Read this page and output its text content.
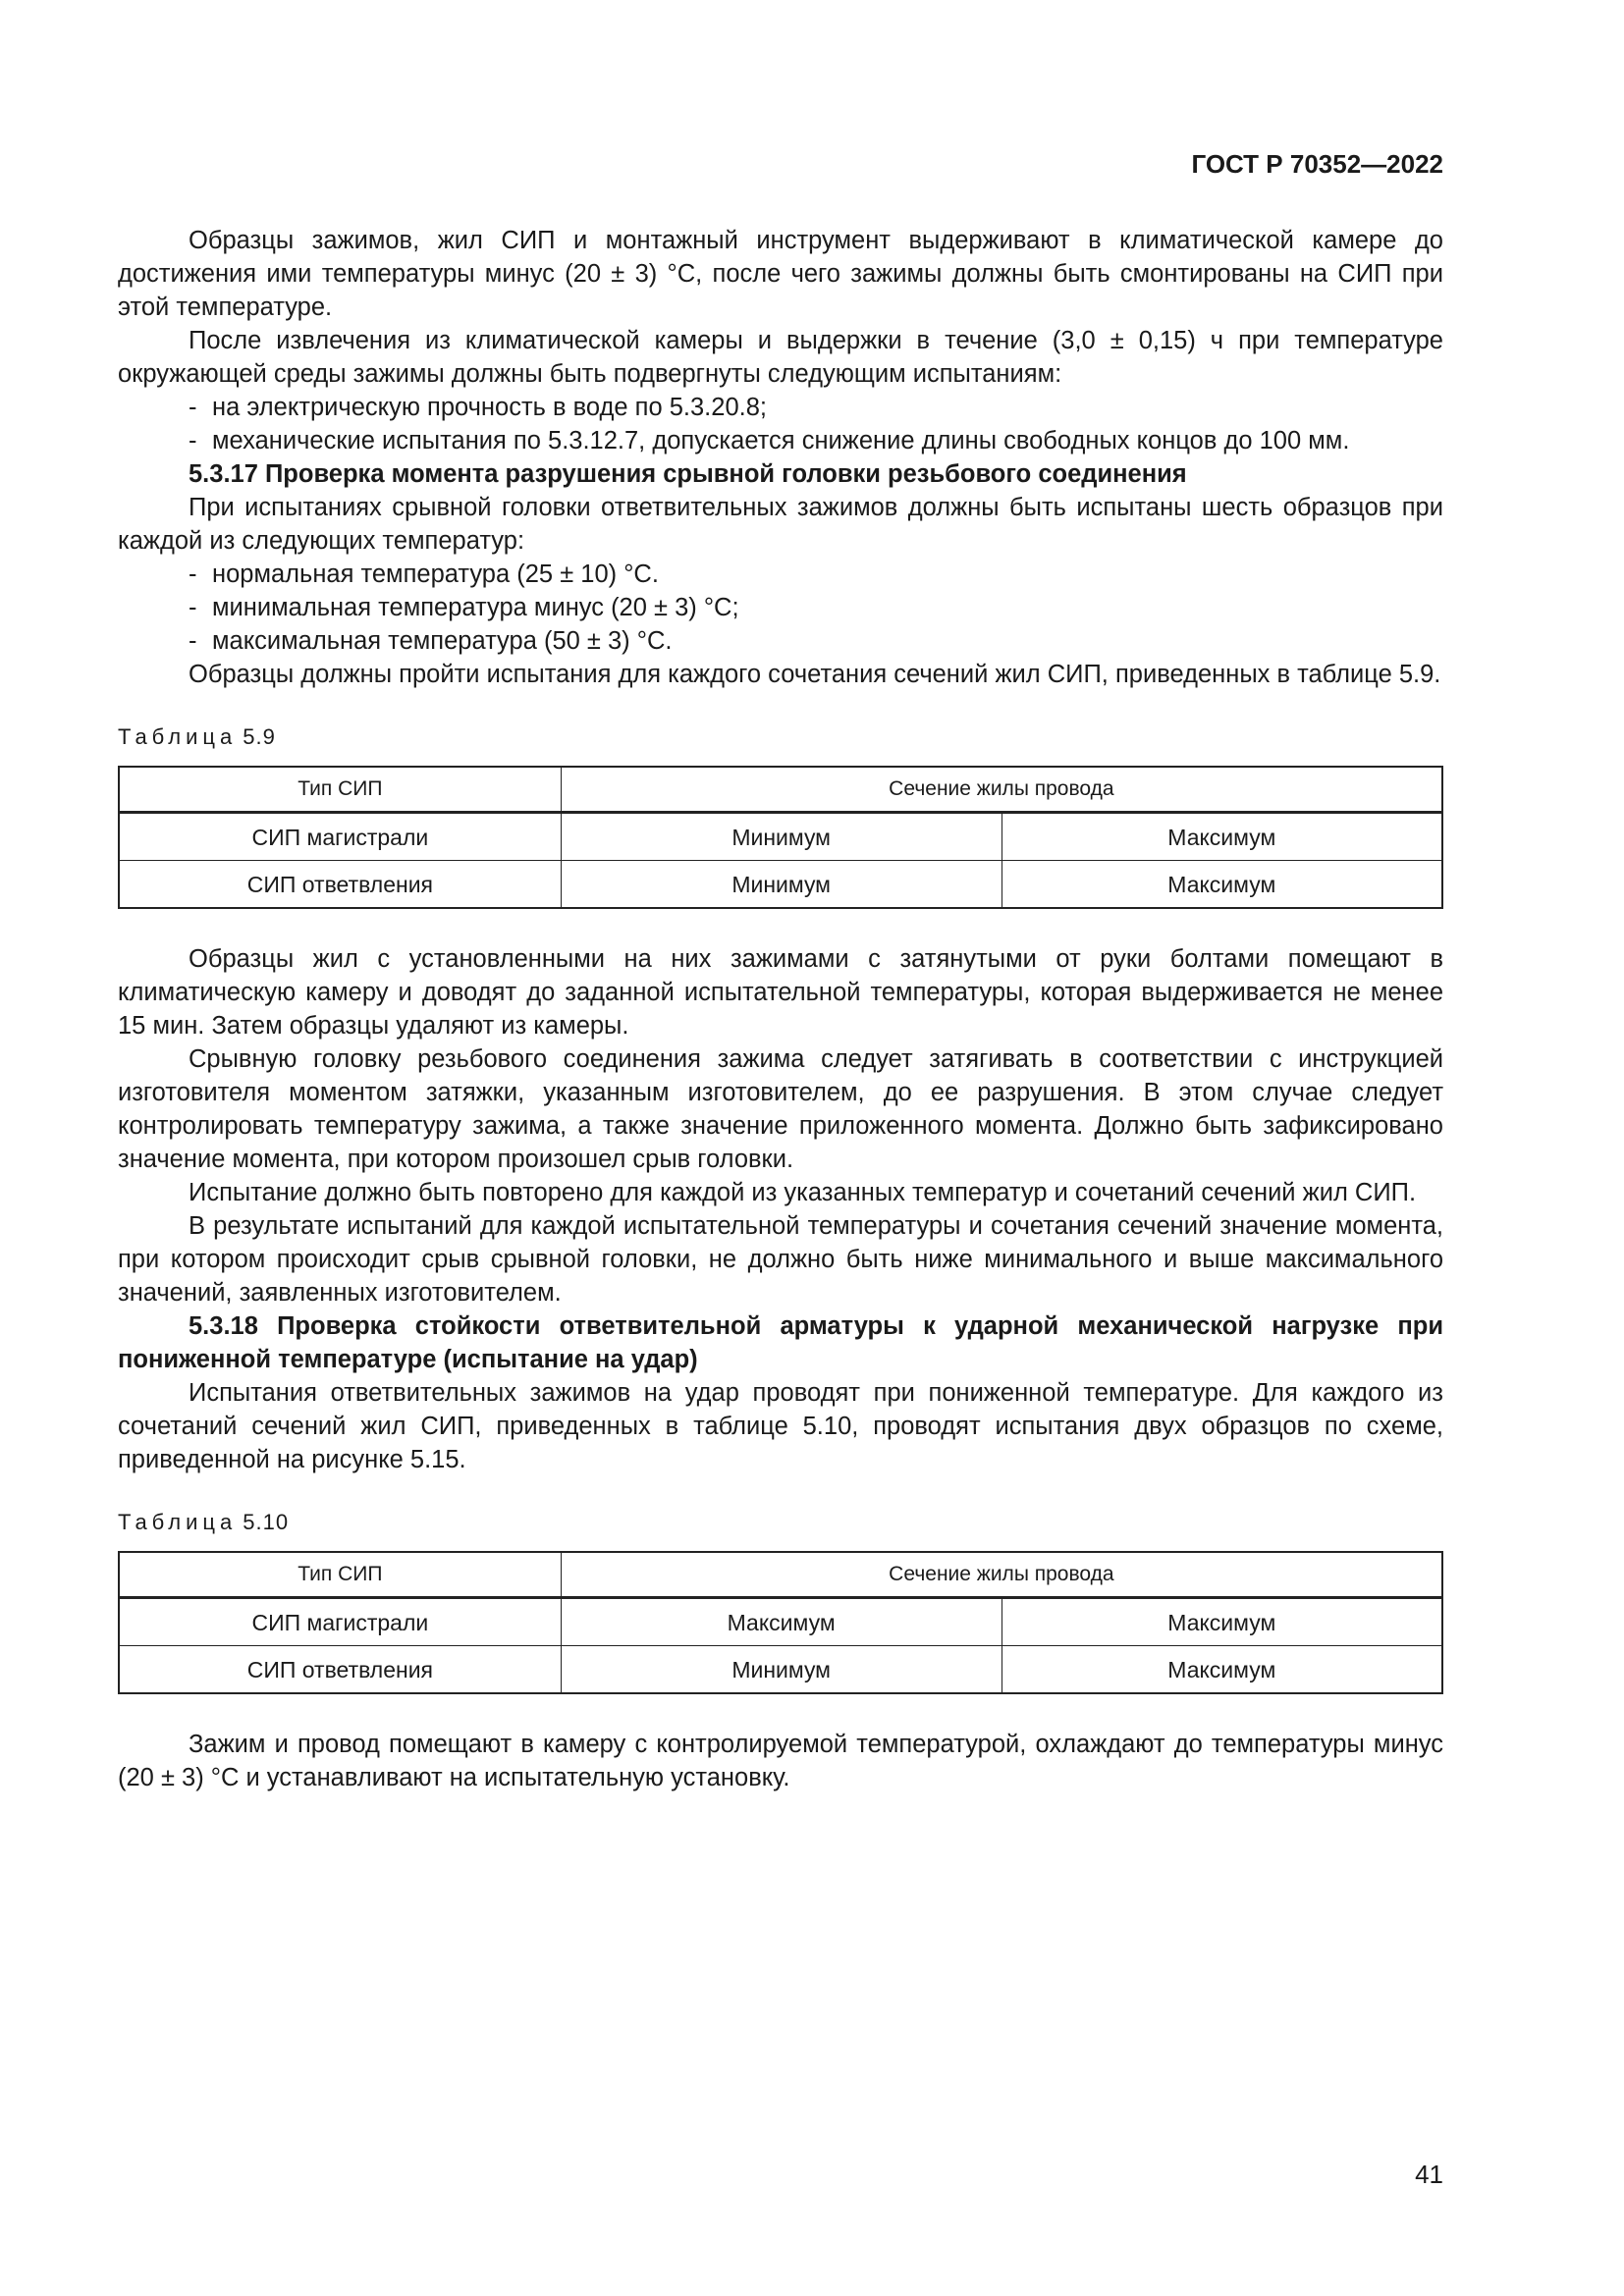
ГОСТ Р 70352—2022

Образцы зажимов, жил СИП и монтажный инструмент выдерживают в климатической камере до достижения ими температуры минус (20 ± 3) °С, после чего зажимы должны быть смонтированы на СИП при этой температуре.

После извлечения из климатической камеры и выдержки в течение (3,0 ± 0,15) ч при температуре окружающей среды зажимы должны быть подвергнуты следующим испытаниям:

- на электрическую прочность в воде по 5.3.20.8;

- механические испытания по 5.3.12.7, допускается снижение длины свободных концов до 100 мм.

5.3.17 Проверка момента разрушения срывной головки резьбового соединения

При испытаниях срывной головки ответвительных зажимов должны быть испытаны шесть образцов при каждой из следующих температур:

- нормальная температура (25 ± 10) °С.

- минимальная температура минус (20 ± 3) °С;

- максимальная температура (50 ± 3) °С.

Образцы должны пройти испытания для каждого сочетания сечений жил СИП, приведенных в таблице 5.9.

Таблица 5.9
Тип СИП	Сечение жилы провода	
СИП магистрали	Минимум	Максимум
СИП ответвления	Минимум	Максимум

Образцы жил с установленными на них зажимами с затянутыми от руки болтами помещают в климатическую камеру и доводят до заданной испытательной температуры, которая выдерживается не менее 15 мин. Затем образцы удаляют из камеры.

Срывную головку резьбового соединения зажима следует затягивать в соответствии с инструкцией изготовителя моментом затяжки, указанным изготовителем, до ее разрушения. В этом случае следует контролировать температуру зажима, а также значение приложенного момента. Должно быть зафиксировано значение момента, при котором произошел срыв головки.

Испытание должно быть повторено для каждой из указанных температур и сочетаний сечений жил СИП.

В результате испытаний для каждой испытательной температуры и сочетания сечений значение момента, при котором происходит срыв срывной головки, не должно быть ниже минимального и выше максимального значений, заявленных изготовителем.

5.3.18 Проверка стойкости ответвительной арматуры к ударной механической нагрузке при пониженной температуре (испытание на удар)

Испытания ответвительных зажимов на удар проводят при пониженной температуре. Для каждого из сочетаний сечений жил СИП, приведенных в таблице 5.10, проводят испытания двух образцов по схеме, приведенной на рисунке 5.15.

Таблица 5.10
Тип СИП	Сечение жилы провода	
СИП магистрали	Максимум	Максимум
СИП ответвления	Минимум	Максимум

Зажим и провод помещают в камеру с контролируемой температурой, охлаждают до температуры минус (20 ± 3) °С и устанавливают на испытательную установку.

41
